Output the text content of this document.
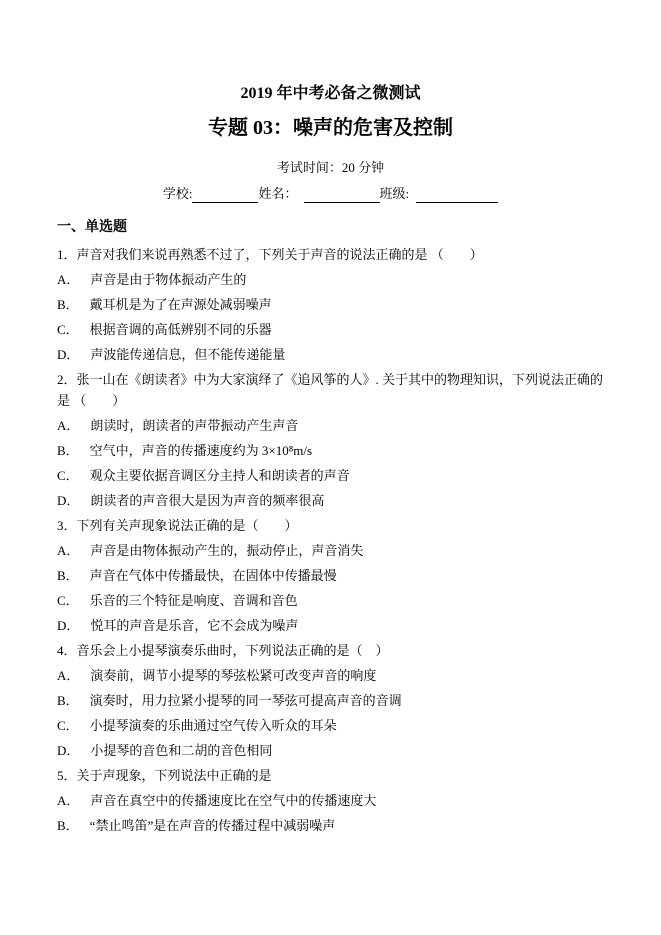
2019 年中考必备之微测试

专题 03：噪声的危害及控制

考试时间：20 分钟

学校:	姓名：	班级:

一、单选题

1．声音对我们来说再熟悉不过了，下列关于声音的说法正确的是 （　　）

A． 声音是由于物体振动产生的

B． 戴耳机是为了在声源处减弱噪声

C． 根据音调的高低辨别不同的乐器

D． 声波能传递信息，但不能传递能量

2．张一山在《朗读者》中为大家演绎了《追风筝的人》. 关于其中的物理知识，下列说法正确的是 （　　）

A． 朗读时，朗读者的声带振动产生声音

B． 空气中，声音的传播速度约为 3×10⁸m/s

C． 观众主要依据音调区分主持人和朗读者的声音

D． 朗读者的声音很大是因为声音的频率很高

3．下列有关声现象说法正确的是（　　）

A． 声音是由物体振动产生的，振动停止，声音消失

B． 声音在气体中传播最快，在固体中传播最慢

C． 乐音的三个特征是响度、音调和音色

D． 悦耳的声音是乐音，它不会成为噪声

4．音乐会上小提琴演奏乐曲时，下列说法正确的是（　）

A． 演奏前，调节小提琴的琴弦松紧可改变声音的响度

B． 演奏时，用力拉紧小提琴的同一琴弦可提高声音的音调

C． 小提琴演奏的乐曲通过空气传入听众的耳朵

D． 小提琴的音色和二胡的音色相同

5．关于声现象，下列说法中正确的是

A． 声音在真空中的传播速度比在空气中的传播速度大

B． “禁止鸣笛”是在声音的传播过程中减弱噪声
